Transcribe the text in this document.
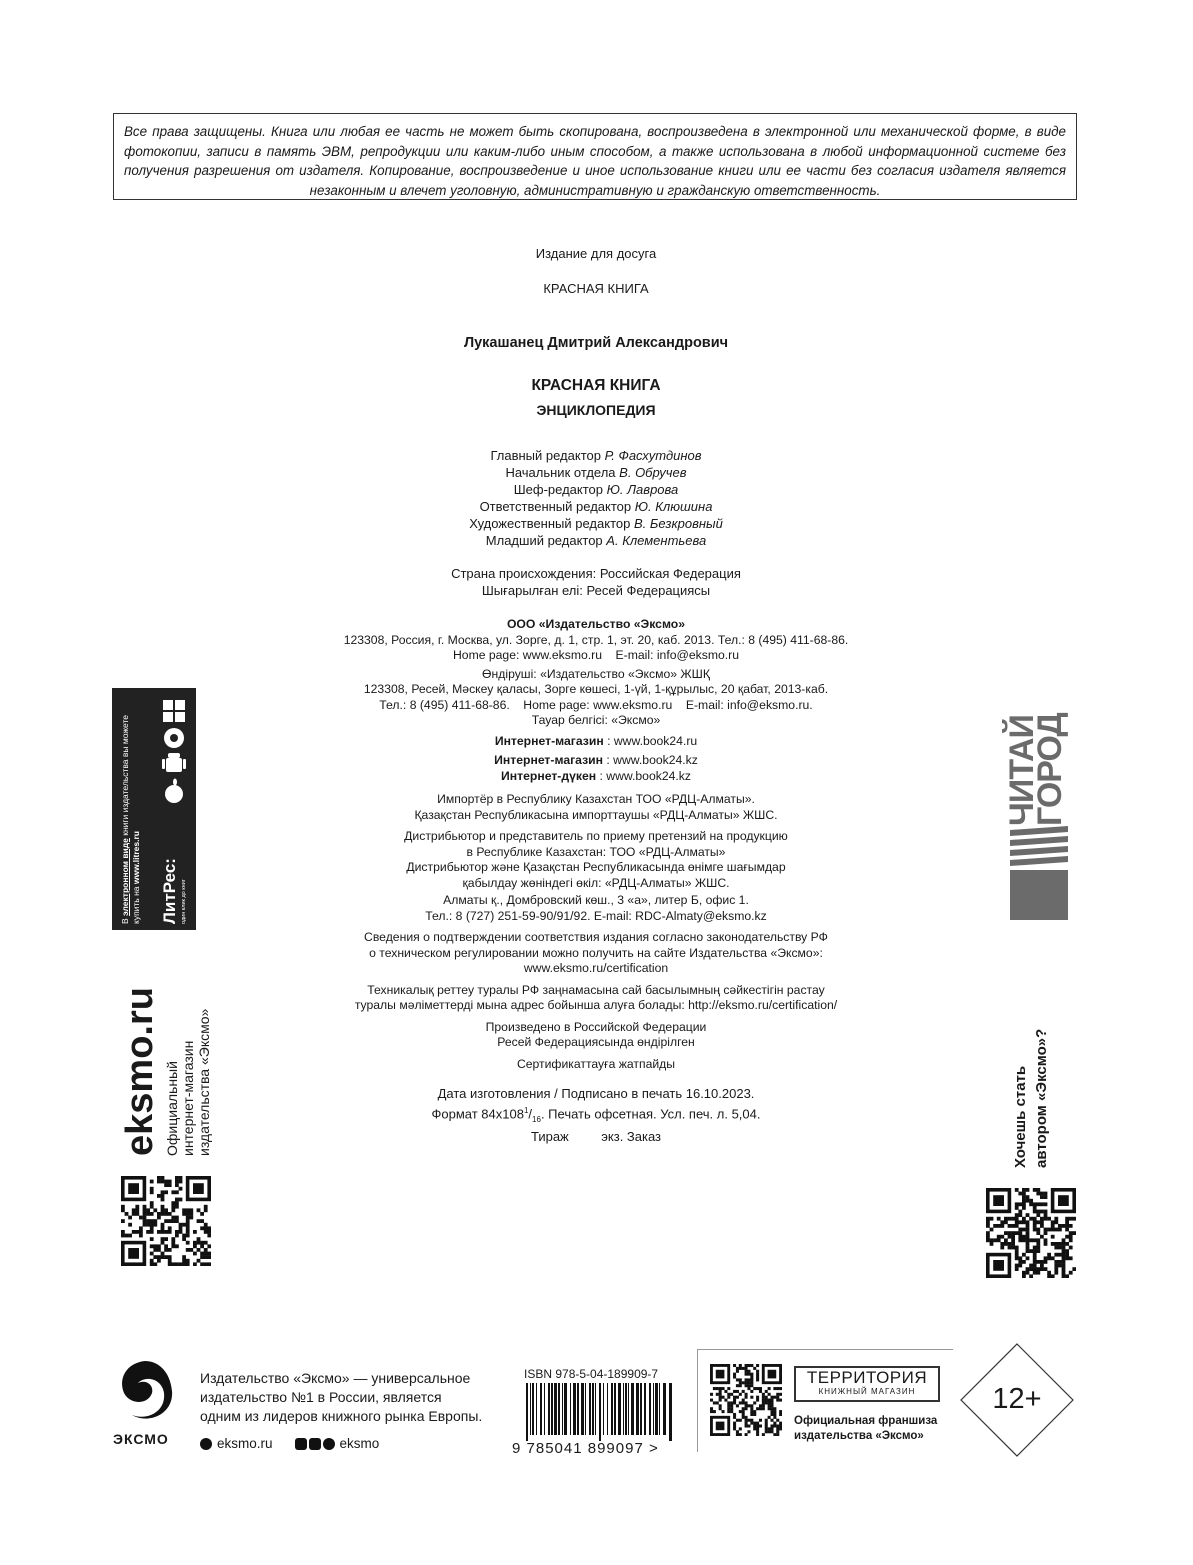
Все права защищены. Книга или любая ее часть не может быть скопирована, воспроизведена в электронной или механической форме, в виде фотокопии, записи в память ЭВМ, репродукции или каким-либо иным способом, а также использована в любой информационной системе без получения разрешения от издателя. Копирование, воспроизведение и иное использование книги или ее части без согласия издателя является незаконным и влечет уголовную, административную и гражданскую ответственность.
Издание для досуга
КРАСНАЯ КНИГА
Лукашанец Дмитрий Александрович
КРАСНАЯ КНИГА
ЭНЦИКЛОПЕДИЯ
Главный редактор Р. Фасхутдинов
Начальник отдела В. Обручев
Шеф-редактор Ю. Лаврова
Ответственный редактор Ю. Клюшина
Художественный редактор В. Безкровный
Младший редактор А. Клементьева
Страна происхождения: Российская Федерация
Шығарылған елі: Ресей Федерациясы
ООО «Издательство «Эксмо»
123308, Россия, г. Москва, ул. Зорге, д. 1, стр. 1, эт. 20, каб. 2013. Тел.: 8 (495) 411-68-86.
Home page: www.eksmo.ru    E-mail: info@eksmo.ru
Өндіруші: «Издательство «Эксмо» ЖШҚ
123308, Ресей, Мәскеу қаласы, Зорге көшесі, 1-үй, 1-құрылыс, 20 қабат, 2013-каб.
Тел.: 8 (495) 411-68-86.    Home page: www.eksmo.ru    E-mail: info@eksmo.ru.
Тауар белгісі: «Эксмо»
Интернет-магазин : www.book24.ru
Интернет-магазин : www.book24.kz
Интернет-дүкен : www.book24.kz
Импортёр в Республику Казахстан ТОО «РДЦ-Алматы».
Қазақстан Республикасына импорттаушы «РДЦ-Алматы» ЖШС.
Дистрибьютор и представитель по приему претензий на продукцию
в Республике Казахстан: ТОО «РДЦ-Алматы»
Дистрибьютор және Қазақстан Республикасында өнімге шағымдар
қабылдау жөніндегі өкіл: «РДЦ-Алматы» ЖШС.
Алматы қ., Домбровский көш., 3 «а», литер Б, офис 1.
Тел.: 8 (727) 251-59-90/91/92. E-mail: RDC-Almaty@eksmo.kz
Сведения о подтверждении соответствия издания согласно законодательству РФ
о техническом регулировании можно получить на сайте Издательства «Эксмо»:
www.eksmo.ru/certification
Техникалық реттеу туралы РФ заңнамасына сай басылымның сәйкестігін растау
туралы мәліметтерді мына адрес бойынша алуға болады: http://eksmo.ru/certification/
Произведено в Российской Федерации
Ресей Федерациясында өндірілген
Сертификаттауға жатпайды
Дата изготовления / Подписано в печать 16.10.2023.
Формат $84x108^1/_{16}$. Печать офсетная. Усл. печ. л. 5,04.
Тираж         экз. Заказ
В электронном виде книги издательства вы можете
купить на www.litres.ru
ЛитРес: один клик до книг
eksmo.ru Официальный интернет-магазин издательства «Эксмо»
ЧИТАЙ
ГОРОД
Хочешь стать автором «Эксмо»?
ЭКСМО
Издательство «Эксмо» — универсальное
издательство №1 в России, является
одним из лидеров книжного рынка Европы.
eksmo.ru	eksmo
ISBN 978-5-04-189909-7
9 785041 899097 >
ТЕРРИТОРИЯ
КНИЖНЫЙ МАГАЗИН
Официальная франшиза
издательства «Эксмо»
12+
